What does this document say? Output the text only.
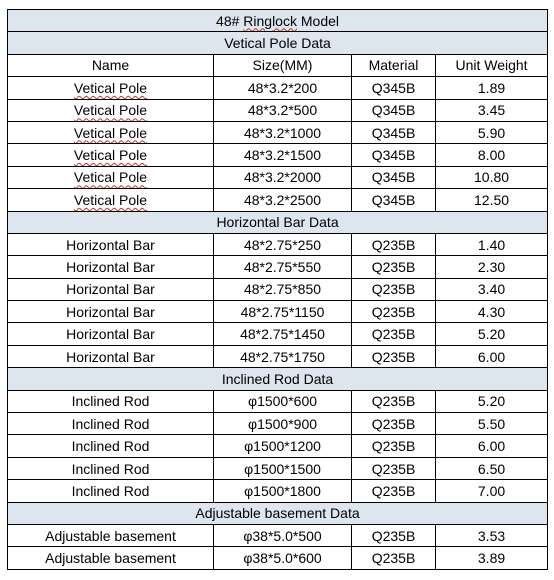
48# Ringlock Model			
Vetical Pole Data			
Name	Size(MM)	Material	Unit Weight
Vetical Pole	48*3.2*200	Q345B	1.89
Vetical Pole	48*3.2*500	Q345B	3.45
Vetical Pole	48*3.2*1000	Q345B	5.90
Vetical Pole	48*3.2*1500	Q345B	8.00
Vetical Pole	48*3.2*2000	Q345B	10.80
Vetical Pole	48*3.2*2500	Q345B	12.50
Horizontal Bar Data			
Horizontal Bar	48*2.75*250	Q235B	1.40
Horizontal Bar	48*2.75*550	Q235B	2.30
Horizontal Bar	48*2.75*850	Q235B	3.40
Horizontal Bar	48*2.75*1150	Q235B	4.30
Horizontal Bar	48*2.75*1450	Q235B	5.20
Horizontal Bar	48*2.75*1750	Q235B	6.00
Inclined Rod Data			
Inclined Rod	φ1500*600	Q235B	5.20
Inclined Rod	φ1500*900	Q235B	5.50
Inclined Rod	φ1500*1200	Q235B	6.00
Inclined Rod	φ1500*1500	Q235B	6.50
Inclined Rod	φ1500*1800	Q235B	7.00
Adjustable basement Data			
Adjustable basement	φ38*5.0*500	Q235B	3.53
Adjustable basement	φ38*5.0*600	Q235B	3.89
